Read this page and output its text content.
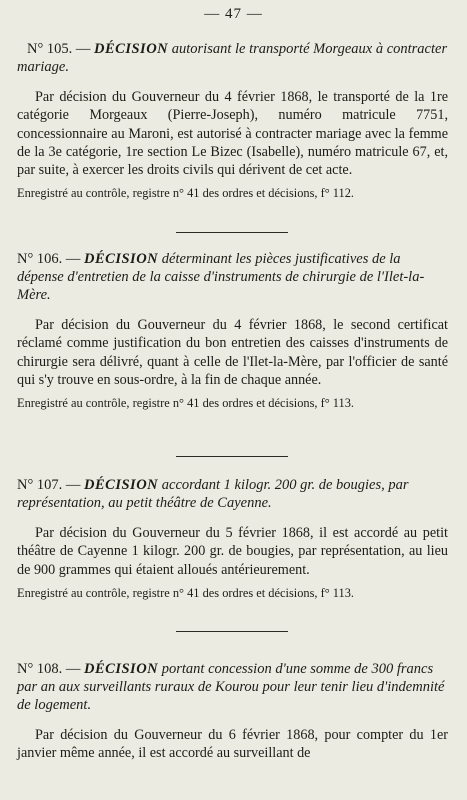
— 47 —

N° 105. — DÉCISION autorisant le transporté Morgeaux à contracter mariage.

Par décision du Gouverneur du 4 février 1868, le transporté de la 1re catégorie Morgeaux (Pierre-Joseph), numéro matricule 7751, concessionnaire au Maroni, est autorisé à contracter mariage avec la femme de la 3e catégorie, 1re section Le Bizec (Isabelle), numéro matricule 67, et, par suite, à exercer les droits civils qui dérivent de cet acte.

Enregistré au contrôle, registre n° 41 des ordres et décisions, f° 112.

N° 106. — DÉCISION déterminant les pièces justificatives de la dépense d'entretien de la caisse d'instruments de chirurgie de l'Ilet-la-Mère.

Par décision du Gouverneur du 4 février 1868, le second certificat réclamé comme justification du bon entretien des caisses d'instruments de chirurgie sera délivré, quant à celle de l'Ilet-la-Mère, par l'officier de santé qui s'y trouve en sous-ordre, à la fin de chaque année.

Enregistré au contrôle, registre n° 41 des ordres et décisions, f° 113.

N° 107. — DÉCISION accordant 1 kilogr. 200 gr. de bougies, par représentation, au petit théâtre de Cayenne.

Par décision du Gouverneur du 5 février 1868, il est accordé au petit théâtre de Cayenne 1 kilogr. 200 gr. de bougies, par représentation, au lieu de 900 grammes qui étaient alloués antérieurement.

Enregistré au contrôle, registre n° 41 des ordres et décisions, f° 113.

N° 108. — DÉCISION portant concession d'une somme de 300 francs par an aux surveillants ruraux de Kourou pour leur tenir lieu d'indemnité de logement.

Par décision du Gouverneur du 6 février 1868, pour compter du 1er janvier même année, il est accordé au surveillant de
